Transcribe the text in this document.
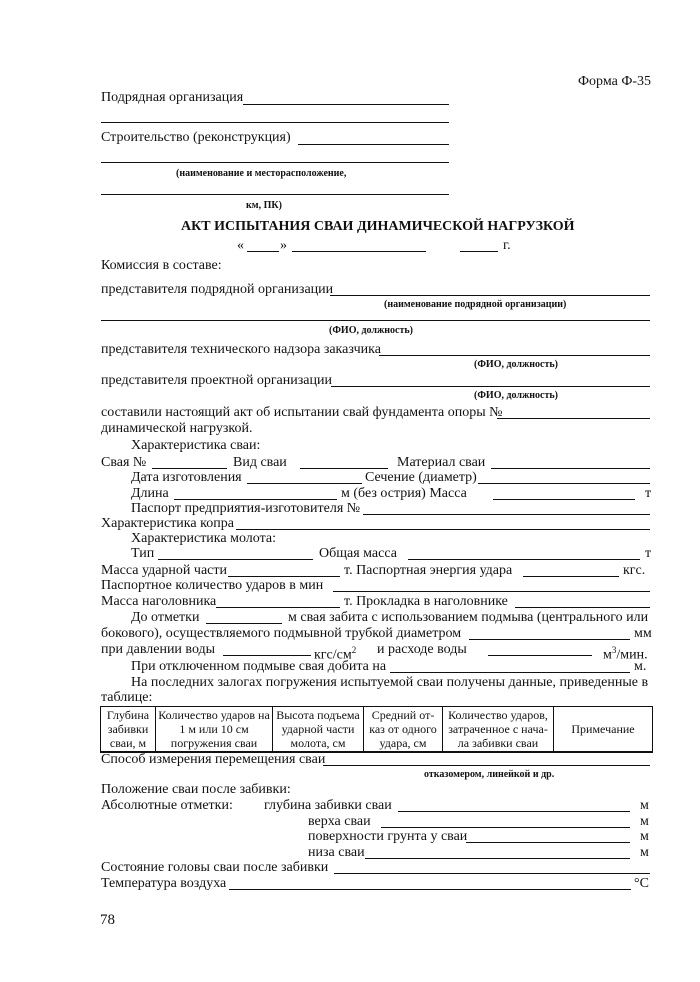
Форма Ф-35
Подрядная организация
Строительство (реконструкция)
(наименование и месторасположение,
км, ПК)
АКТ ИСПЫТАНИЯ СВАИ ДИНАМИЧЕСКОЙ НАГРУЗКОЙ
«	»	г.
Комиссия в составе:
представителя подрядной организации
(наименование подрядной организации)
(ФИО, должность)
представителя технического надзора заказчика
(ФИО, должность)
представителя проектной организации
(ФИО, должность)
составили настоящий акт об испытании свай фундамента опоры №
динамической нагрузкой.
Характеристика сваи:
Свая №	Вид сваи	Материал сваи
Дата изготовления	Сечение (диаметр)
Длина	м (без острия) Масса	т
Паспорт предприятия-изготовителя №
Характеристика копра
Характеристика молота:
Тип	Общая масса	т
Масса ударной части	т. Паспортная энергия удара	кгс.
Паспортное количество ударов в мин
Масса наголовника	т. Прокладка в наголовнике
До отметки	м свая забита с использованием подмыва (центрального или
бокового), осуществляемого подмывной трубкой диаметром	мм
при давлении воды	кгс/$см^2$ и расходе воды	$м^3$/мин.
При отключенном подмыве свая добита на	м.
На последних залогах погружения испытуемой сваи получены данные, приведенные в
таблице:
Глубина забивки сваи, м	Количество ударов на 1 м или 10 см погружения сваи	Высота подъема ударной части молота, см	Средний от-каз от одного удара, см	Количество ударов, затраченное с нача-ла забивки сваи	Примечание

Способ измерения перемещения сваи
отказомером, линейкой и др.
Положение сваи после забивки:
Абсолютные отметки: глубина забивки сваи	м
верха сваи	м
поверхности грунта у сваи	м
низа сваи	м
Состояние головы сваи после забивки
Температура воздуха	°С
78
